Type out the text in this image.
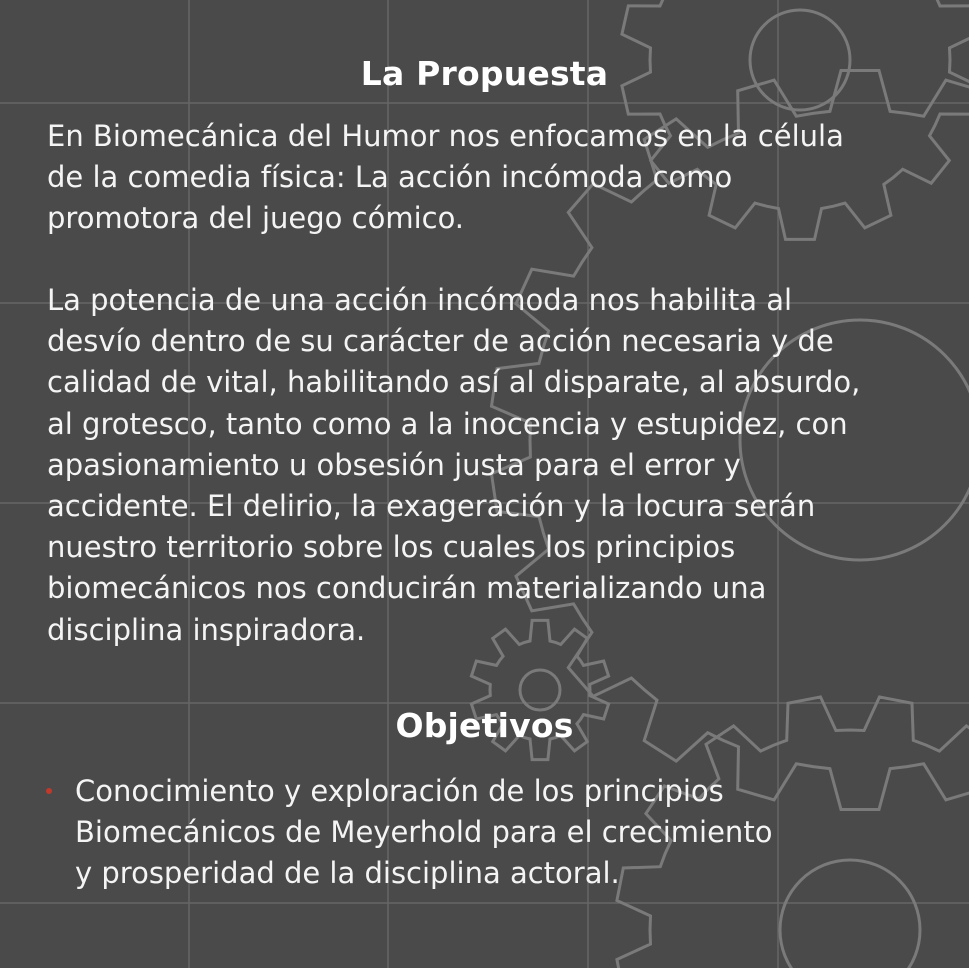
La Propuesta
En Biomecánica del Humor nos enfocamos en la célula
de la comedia física: La acción incómoda como
promotora del juego cómico.
La potencia de una acción incómoda nos habilita al
desvío dentro de su carácter de acción necesaria y de
calidad de vital, habilitando así al disparate, al absurdo,
al grotesco, tanto como a la inocencia y estupidez, con
apasionamiento u obsesión justa para el error y
accidente. El delirio, la exageración y la locura serán
nuestro territorio sobre los cuales los principios
biomecánicos nos conducirán materializando una
disciplina inspiradora.
Objetivos
Conocimiento y exploración de los principios
Biomecánicos de Meyerhold para el crecimiento
y prosperidad de la disciplina actoral.
